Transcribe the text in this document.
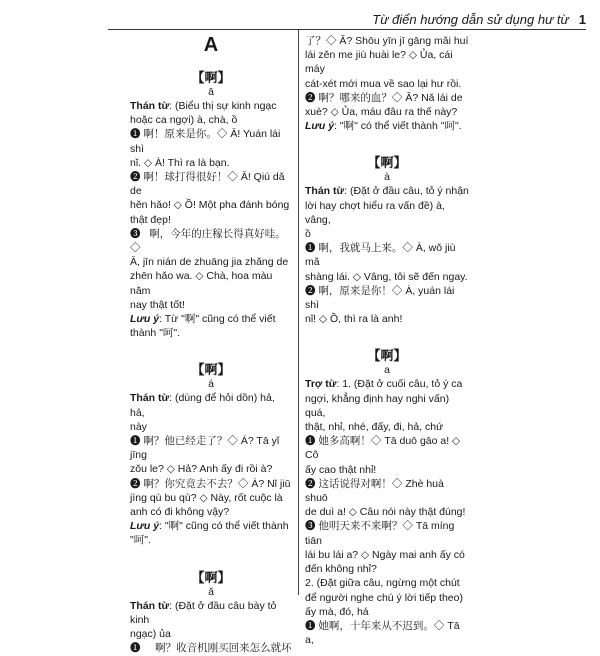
Từ điển hướng dẫn sử dụng hư từ 1
A
【啊】
ā

Thán từ: (Biểu thị sự kinh ngạc

hoặc ca ngợi) à, chà, ồ

❶ 啊！原来是你。◇ Ā! Yuán lái shì

nǐ. ◇ À! Thì ra là bạn.

❷ 啊！球打得很好！◇ Ā! Qiú dǎ de

hěn hǎo! ◇ Ồ! Một pha đánh bóng

thật đẹp!

❸   啊，今年的庄稼长得真好哇。◇

Ā, jīn nián de zhuāng jia zhǎng de

zhēn hǎo wa. ◇ Chà, hoa màu năm

nay thật tốt!

Lưu ý: Từ "啊" cũng có thể viết

thành "呵".

【啊】
á

Thán từ: (dùng để hỏi dồn) hả, hả,

này

❶ 啊？他已经走了？◇ Á? Tā yǐ jīng

zǒu le? ◇ Hả? Anh ấy đi rồi à?

❷ 啊？你究竟去不去？◇ Á? Nǐ jiū

jìng qù bu qù? ◇ Này, rốt cuộc là

anh có đi không vậy?

Lưu ý: "啊" cũng có thể viết thành

"呵".

【啊】
ǎ

Thán từ: (Đặt ở đầu câu bày tỏ kinh

ngạc) ủa

❶     啊？收音机刚买回来怎么就坏

了？◇ Ǎ? Shōu yīn jī gāng mǎi huí

lái zěn me jiù huài le? ◇ Ủa, cái máy

cát-xét mới mua về sao lại hư rồi.

❷ 啊？哪来的血？◇ Ǎ? Nǎ lái de

xuè? ◇ Ủa, máu đâu ra thế này?

Lưu ý: "啊" có thể viết thành "呵".

【啊】
à

Thán từ: (Đặt ở đầu câu, tỏ ý nhận

lời hay chợt hiểu ra vấn đề) à, vâng,

ồ

❶ 啊，我就马上来。◇ À, wǒ jiù mǎ

shàng lái. ◇ Vâng, tôi sẽ đến ngay.

❷ 啊，原来是你！◇ À, yuán lái shì

nǐ! ◇ Ồ, thì ra là anh!

【啊】
a

Trợ từ: 1. (Đặt ở cuối câu, tỏ ý ca

ngợi, khẳng định hay nghi vấn) quá,

thật, nhỉ, nhé, đấy, đi, hả, chứ

❶ 她多高啊！◇ Tā duō gāo a! ◇ Cô

ấy cao thật nhỉ!

❷ 这话说得对啊！◇ Zhè huà shuō

de duì a! ◇ Câu nói này thật đúng!

❸ 他明天来不来啊？◇ Tā míng tiān

lái bu lái a? ◇ Ngày mai anh ấy có

đến không nhỉ?

2. (Đặt giữa câu, ngừng một chút

để người nghe chú ý lời tiếp theo)

ấy mà, đó, há

❶ 她啊，十年来从不迟到。◇ Tā a,
